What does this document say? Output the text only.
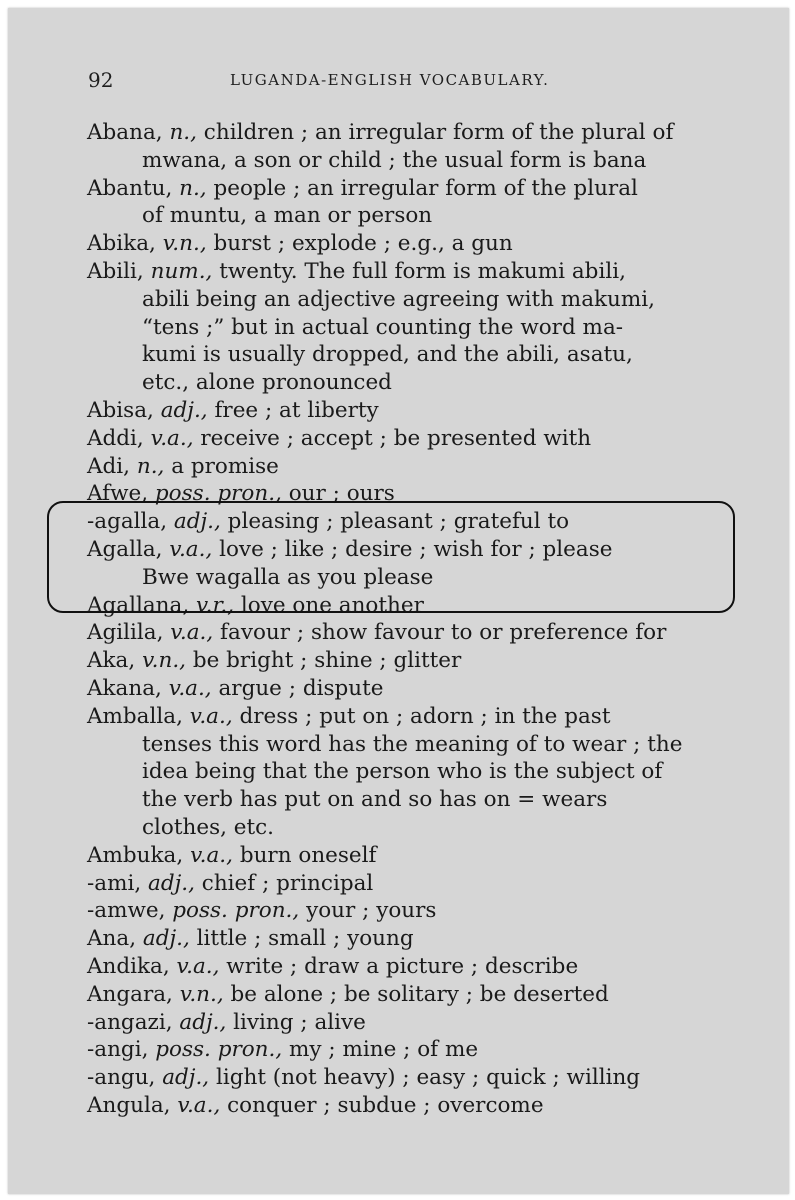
92	LUGANDA-ENGLISH VOCABULARY.
Abana, n., children ; an irregular form of the plural of
mwana, a son or child ; the usual form is bana
Abantu, n., people ; an irregular form of the plural
of muntu, a man or person
Abika, v.n., burst ; explode ; e.g., a gun
Abili, num., twenty. The full form is makumi abili,
abili being an adjective agreeing with makumi,
“tens ;” but in actual counting the word ma-
kumi is usually dropped, and the abili, asatu,
etc., alone pronounced
Abisa, adj., free ; at liberty
Addi, v.a., receive ; accept ; be presented with
Adi, n., a promise
Afwe, poss. pron., our ; ours
-agalla, adj., pleasing ; pleasant ; grateful to
Agalla, v.a., love ; like ; desire ; wish for ; please
Bwe wagalla as you please
Agallana, v.r., love one another
Agilila, v.a., favour ; show favour to or preference for
Aka, v.n., be bright ; shine ; glitter
Akana, v.a., argue ; dispute
Amballa, v.a., dress ; put on ; adorn ; in the past
tenses this word has the meaning of to wear ; the
idea being that the person who is the subject of
the verb has put on and so has on = wears
clothes, etc.
Ambuka, v.a., burn oneself
-ami, adj., chief ; principal
-amwe, poss. pron., your ; yours
Ana, adj., little ; small ; young
Andika, v.a., write ; draw a picture ; describe
Angara, v.n., be alone ; be solitary ; be deserted
-angazi, adj., living ; alive
-angi, poss. pron., my ; mine ; of me
-angu, adj., light (not heavy) ; easy ; quick ; willing
Angula, v.a., conquer ; subdue ; overcome
